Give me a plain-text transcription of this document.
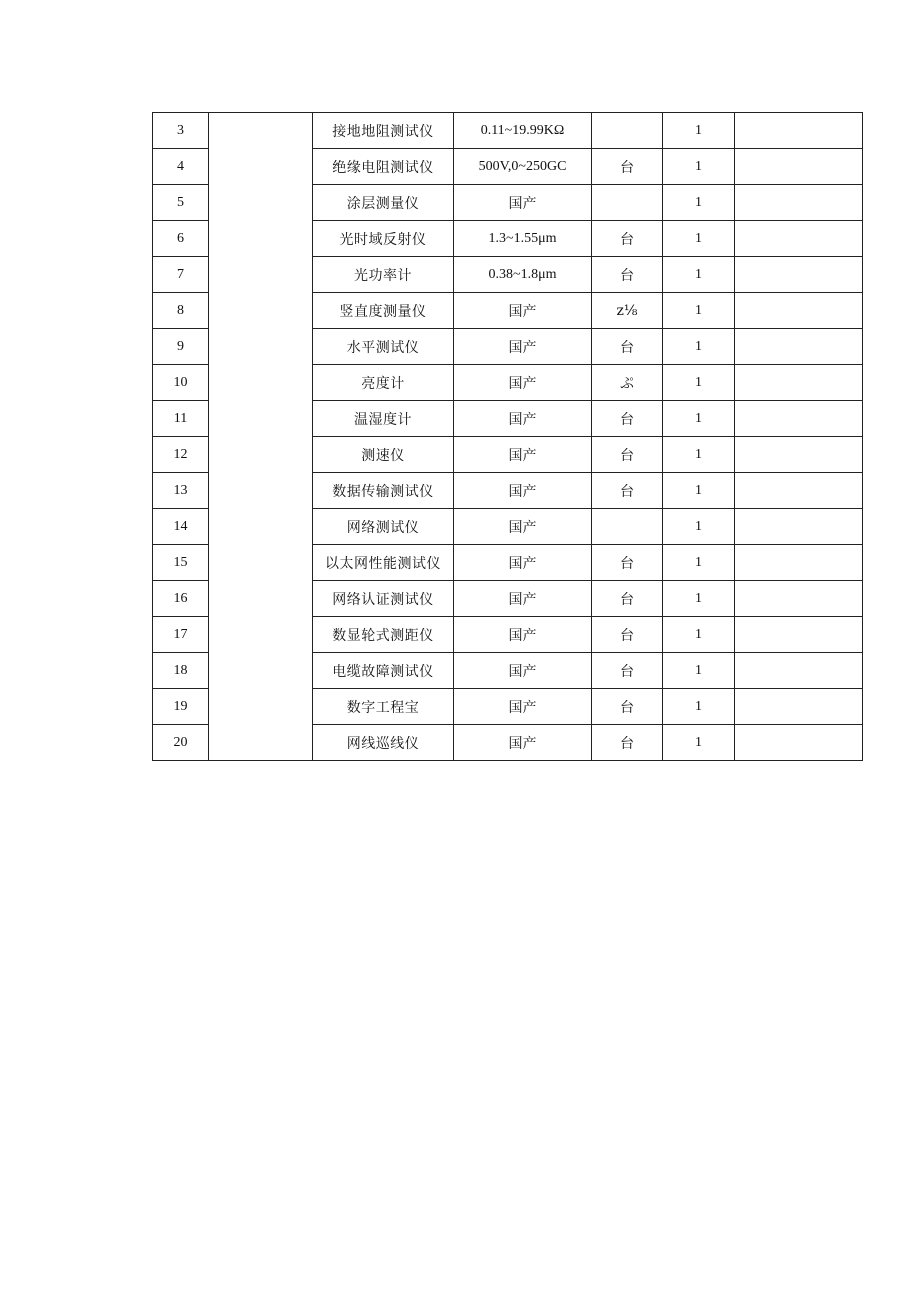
3		接地地阻测试仪	0.11~19.99KΩ		1	
4		绝缘电阻测试仪	500V,0~250GC	台	1	
5		涂层测量仪	国产		1	
6		光时域反射仪	1.3~1.55μm	台	1	
7		光功率计	0.38~1.8μm	台	1	
8		竖直度测量仪	国产	z⅛	1	
9		水平测试仪	国产	台	1	
10		亮度计	国产	ぷ	1	
11		温湿度计	国产	台	1	
12		测速仪	国产	台	1	
13		数据传输测试仪	国产	台	1	
14		网络测试仪	国产		1	
15		以太网性能测试仪	国产	台	1	
16		网络认证测试仪	国产	台	1	
17		数显轮式测距仪	国产	台	1	
18		电缆故障测试仪	国产	台	1	
19		数字工程宝	国产	台	1	
20		网线巡线仪	国产	台	1	
